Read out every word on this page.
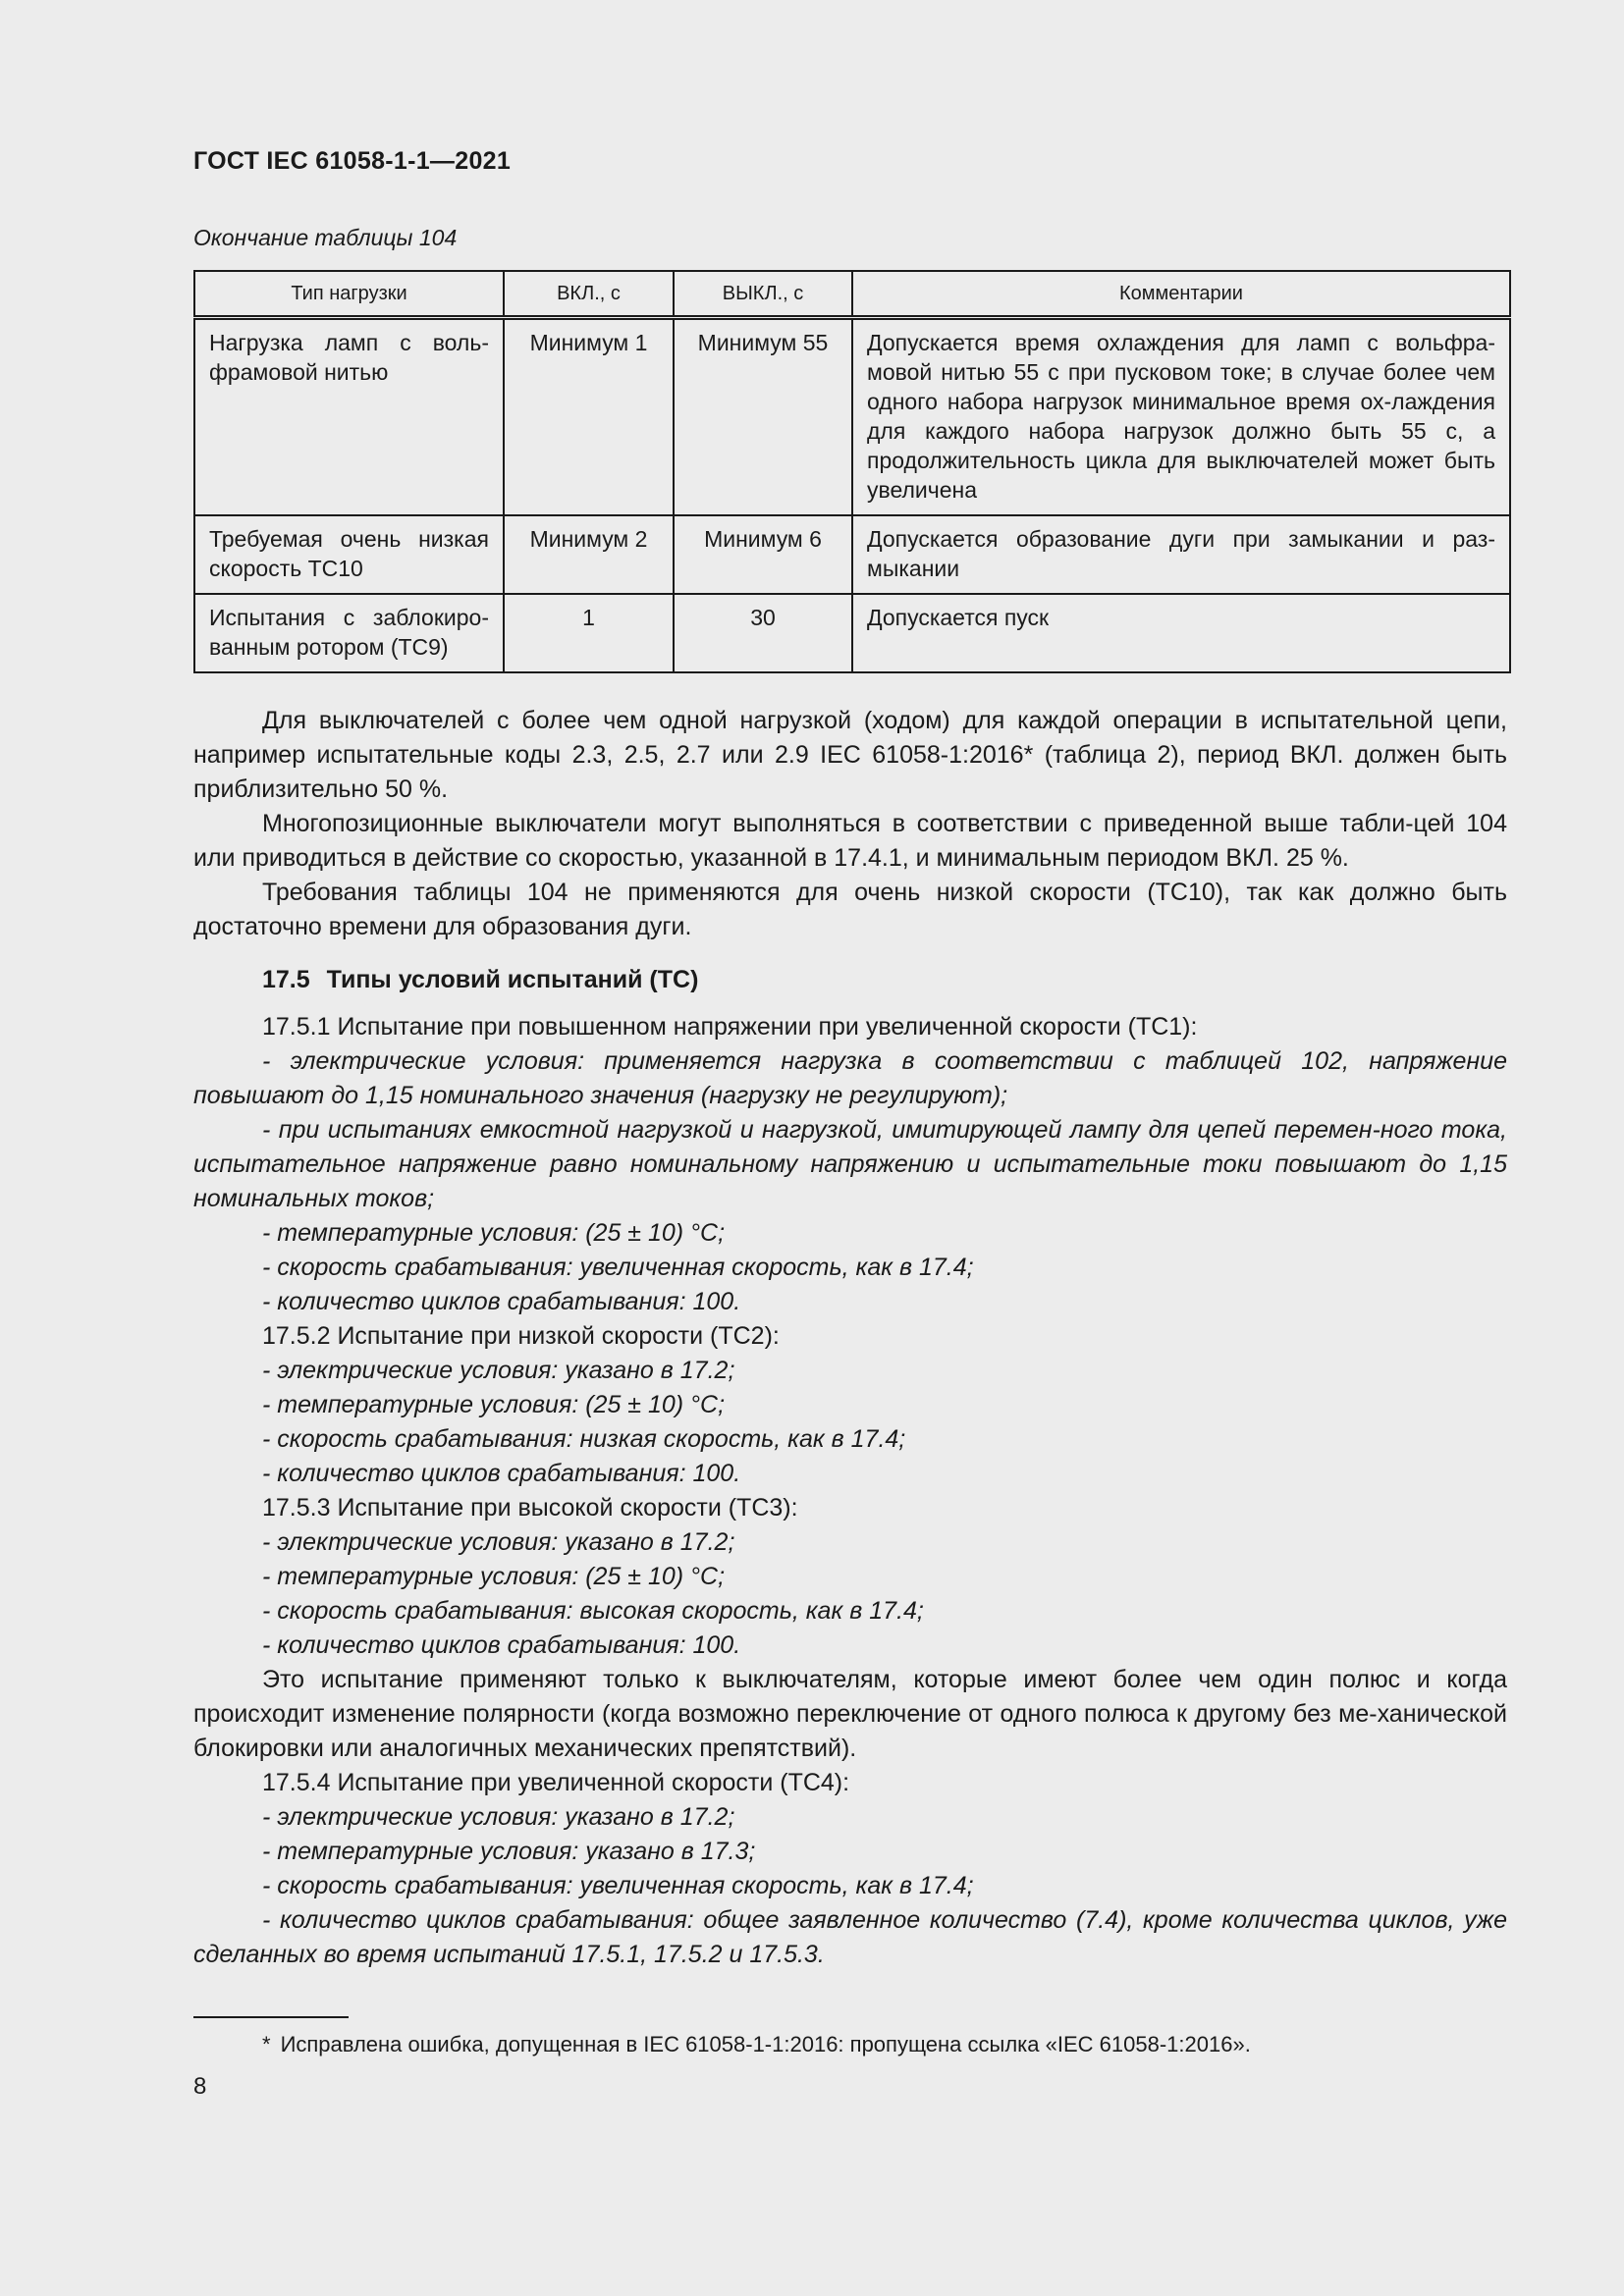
ГОСТ IEC 61058-1-1—2021
Окончание таблицы 104
Тип нагрузки	ВКЛ., с	ВЫКЛ., с	Комментарии
Нагрузка ламп с воль-фрамовой нитью	Минимум 1	Минимум 55	Допускается время охлаждения для ламп с вольфра-мовой нитью 55 с при пусковом токе; в случае более чем одного набора нагрузок минимальное время ох-лаждения для каждого набора нагрузок должно быть 55 с, а продолжительность цикла для выключателей может быть увеличена
Требуемая очень низкая скорость ТС10	Минимум 2	Минимум 6	Допускается образование дуги при замыкании и раз-мыкании
Испытания с заблокиро-ванным ротором (ТС9)	1	30	Допускается пуск

Для выключателей с более чем одной нагрузкой (ходом) для каждой операции в испытательной цепи, например испытательные коды 2.3, 2.5, 2.7 или 2.9 IEC 61058-1:2016* (таблица 2), период ВКЛ. должен быть приблизительно 50 %.

Многопозиционные выключатели могут выполняться в соответствии с приведенной выше табли-цей 104 или приводиться в действие со скоростью, указанной в 17.4.1, и минимальным периодом ВКЛ. 25 %.

Требования таблицы 104 не применяются для очень низкой скорости (ТС10), так как должно быть достаточно времени для образования дуги.

17.5 Типы условий испытаний (ТС)

17.5.1 Испытание при повышенном напряжении при увеличенной скорости (ТС1):

- электрические условия: применяется нагрузка в соответствии с таблицей 102, напряжение повышают до 1,15 номинального значения (нагрузку не регулируют);

- при испытаниях емкостной нагрузкой и нагрузкой, имитирующей лампу для цепей перемен-ного тока, испытательное напряжение равно номинальному напряжению и испытательные токи повышают до 1,15 номинальных токов;

- температурные условия: (25 ± 10) °С;

- скорость срабатывания: увеличенная скорость, как в 17.4;

- количество циклов срабатывания: 100.

17.5.2 Испытание при низкой скорости (ТС2):

- электрические условия: указано в 17.2;

- температурные условия: (25 ± 10) °С;

- скорость срабатывания: низкая скорость, как в 17.4;

- количество циклов срабатывания: 100.

17.5.3 Испытание при высокой скорости (ТС3):

- электрические условия: указано в 17.2;

- температурные условия: (25 ± 10) °С;

- скорость срабатывания: высокая скорость, как в 17.4;

- количество циклов срабатывания: 100.

Это испытание применяют только к выключателям, которые имеют более чем один полюс и когда происходит изменение полярности (когда возможно переключение от одного полюса к другому без ме-ханической блокировки или аналогичных механических препятствий).

17.5.4 Испытание при увеличенной скорости (ТС4):

- электрические условия: указано в 17.2;

- температурные условия: указано в 17.3;

- скорость срабатывания: увеличенная скорость, как в 17.4;

- количество циклов срабатывания: общее заявленное количество (7.4), кроме количества циклов, уже сделанных во время испытаний 17.5.1, 17.5.2 и 17.5.3.

* Исправлена ошибка, допущенная в IEC 61058-1-1:2016: пропущена ссылка «IEC 61058-1:2016».
8
